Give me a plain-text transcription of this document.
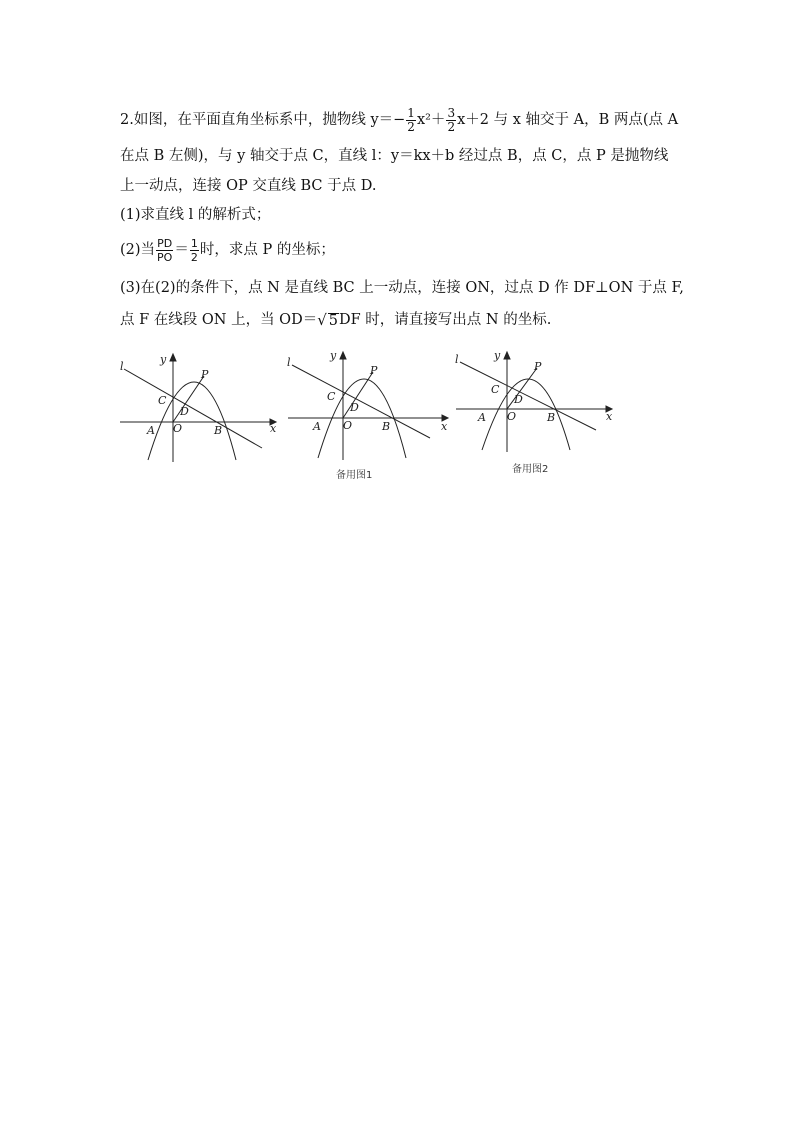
2.如图，在平面直角坐标系中，抛物线 $y=- \frac{1}{2} x^2+ \frac{3}{2} x+2$ 与 x 轴交于 A，B 两点(点 A
在点 B 左侧)，与 y 轴交于点 C，直线 l：y＝kx＋b 经过点 B，点 C，点 P 是抛物线
上一动点，连接 OP 交直线 BC 于点 D.
(1)求直线 l 的解析式；
(2)当 $\frac{PD}{PO} = \frac{1}{2}$ 时，求点 P 的坐标；
(3)在(2)的条件下，点 N 是直线 BC 上一动点，连接 ON，过点 D 作 DF⊥ON 于点 F,
点 F 在线段 ON 上，当 OD＝ √ 5 DF 时，请直接写出点 N 的坐标.
l
y
x
P
C
D
A O	B
l
y
x
P
C
D
A O	B
备用图1
l	y
x
P
C
D
A O	B
备用图2
